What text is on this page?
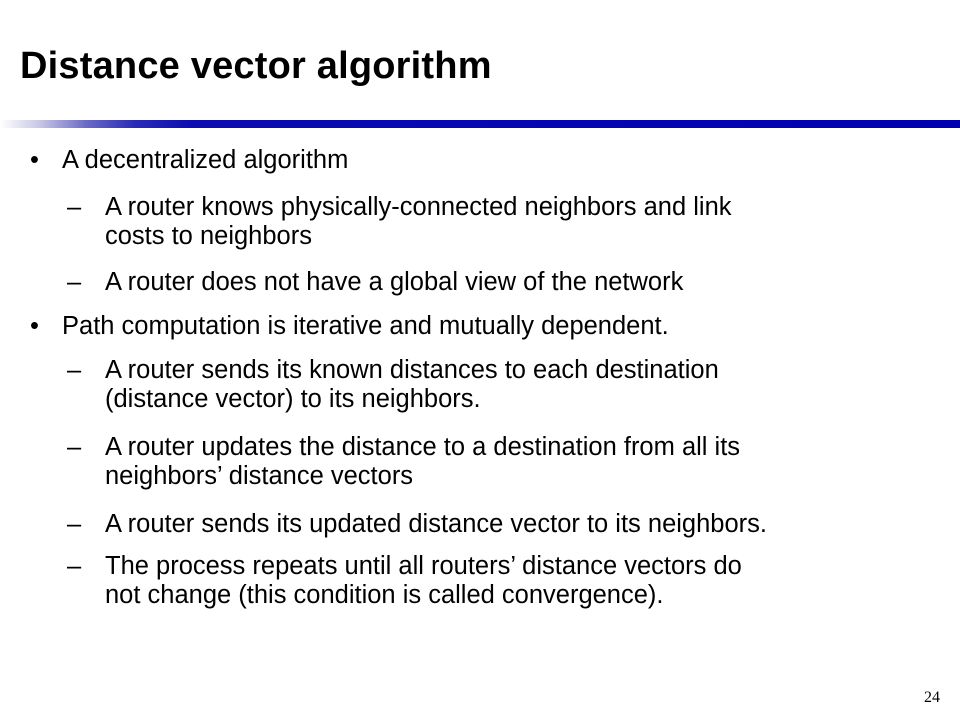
Distance vector algorithm
• A decentralized algorithm
– A router knows physically-connected neighbors and link
costs to neighbors
– A router does not have a global view of the network
• Path computation is iterative and mutually dependent.
– A router sends its known distances to each destination
(distance vector) to its neighbors.
– A router updates the distance to a destination from all its
neighbors’ distance vectors
– A router sends its updated distance vector to its neighbors.
– The process repeats until all routers’ distance vectors do
not change (this condition is called convergence).
24
